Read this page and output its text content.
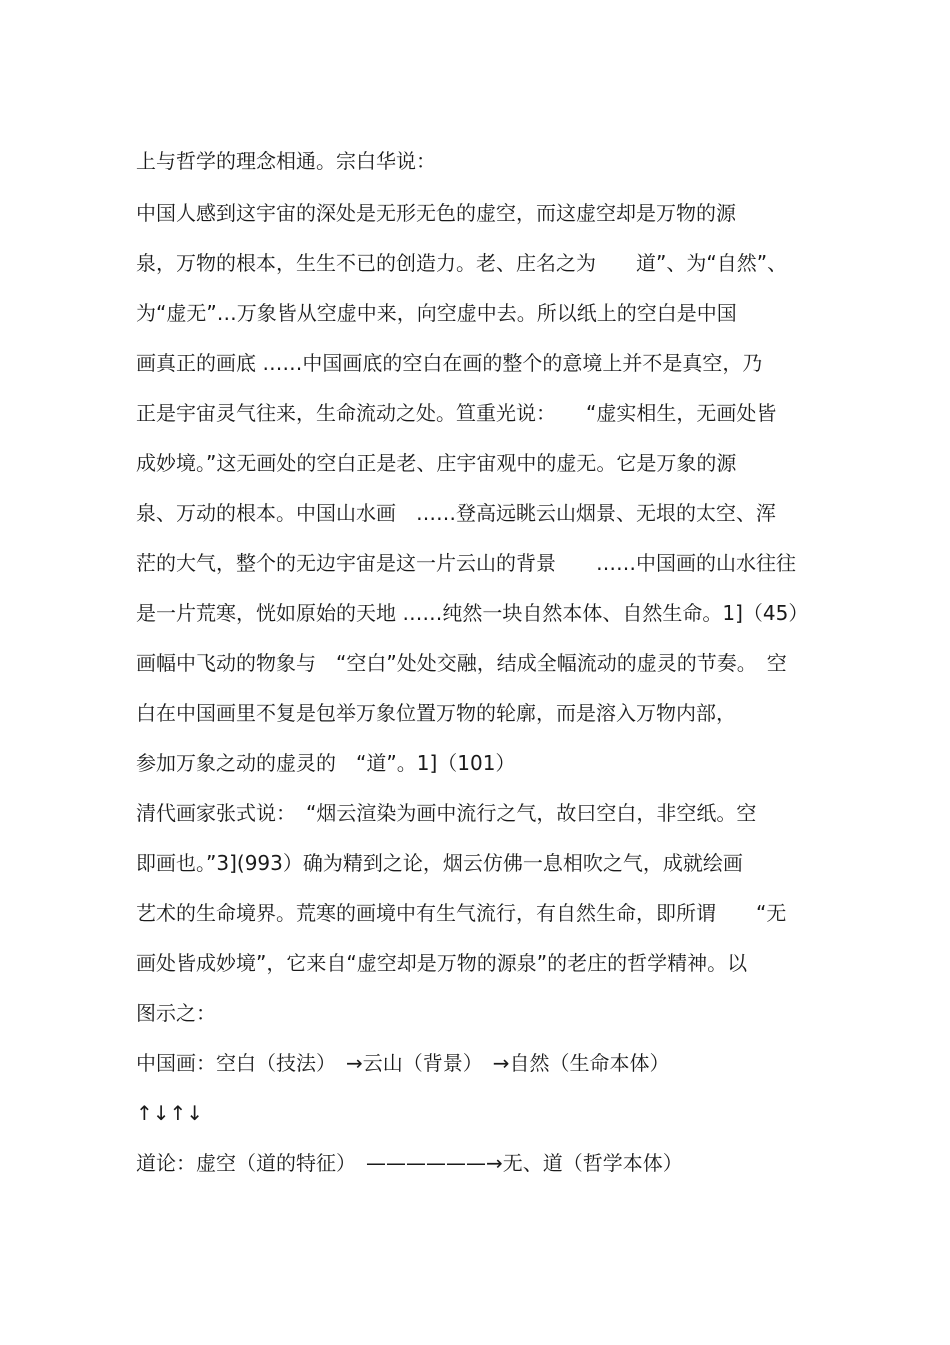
上与哲学的理念相通。宗白华说：

中国人感到这宇宙的深处是无形无色的虚空，而这虚空却是万物的源

泉，万物的根本，生生不已的创造力。老、庄名之为　　道”、为“自然”、

为“虚无”…万象皆从空虚中来，向空虚中去。所以纸上的空白是中国

画真正的画底 ……中国画底的空白在画的整个的意境上并不是真空，乃

正是宇宙灵气往来，生命流动之处。笪重光说：　　“虚实相生，无画处皆

成妙境。”这无画处的空白正是老、庄宇宙观中的虚无。它是万象的源

泉、万动的根本。中国山水画　……登高远眺云山烟景、无垠的太空、浑

茫的大气，整个的无边宇宙是这一片云山的背景　　……中国画的山水往往

是一片荒寒，恍如原始的天地 ……纯然一块自然本体、自然生命。1]（45）

画幅中飞动的物象与　“空白”处处交融，结成全幅流动的虚灵的节奏。　空

白在中国画里不复是包举万象位置万物的轮廓，而是溶入万物内部，

参加万象之动的虚灵的　“道”。1]（101）

清代画家张式说：　“烟云渲染为画中流行之气，故曰空白，非空纸。空

即画也。”3](993）确为精到之论，烟云仿佛一息相吹之气，成就绘画

艺术的生命境界。荒寒的画境中有生气流行，有自然生命，即所谓　　“无

画处皆成妙境”，它来自“虚空却是万物的源泉”的老庄的哲学精神。以

图示之：

中国画：空白（技法）　→云山（背景）　→自然（生命本体）

↑↓↑↓

道论：虚空（道的特征）　——————→无、道（哲学本体）
